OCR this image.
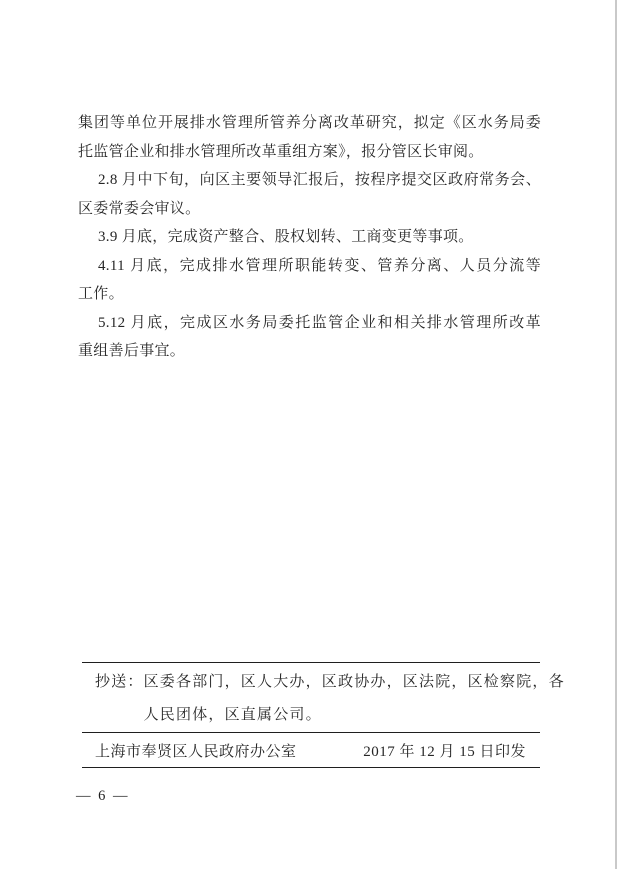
集团等单位开展排水管理所管养分离改革研究，拟定《区水务局委
托监管企业和排水管理所改革重组方案》，报分管区长审阅。
2.8 月中下旬，向区主要领导汇报后，按程序提交区政府常务会、
区委常委会审议。
3.9 月底，完成资产整合、股权划转、工商变更等事项。
4.11 月底，完成排水管理所职能转变、管养分离、人员分流等
工作。
5.12 月底，完成区水务局委托监管企业和相关排水管理所改革
重组善后事宜。
抄送： 区委各部门，区人大办，区政协办，区法院，区检察院，各
人民团体，区直属公司。
上海市奉贤区人民政府办公室	2017 年 12 月 15 日印发
— 6 —
